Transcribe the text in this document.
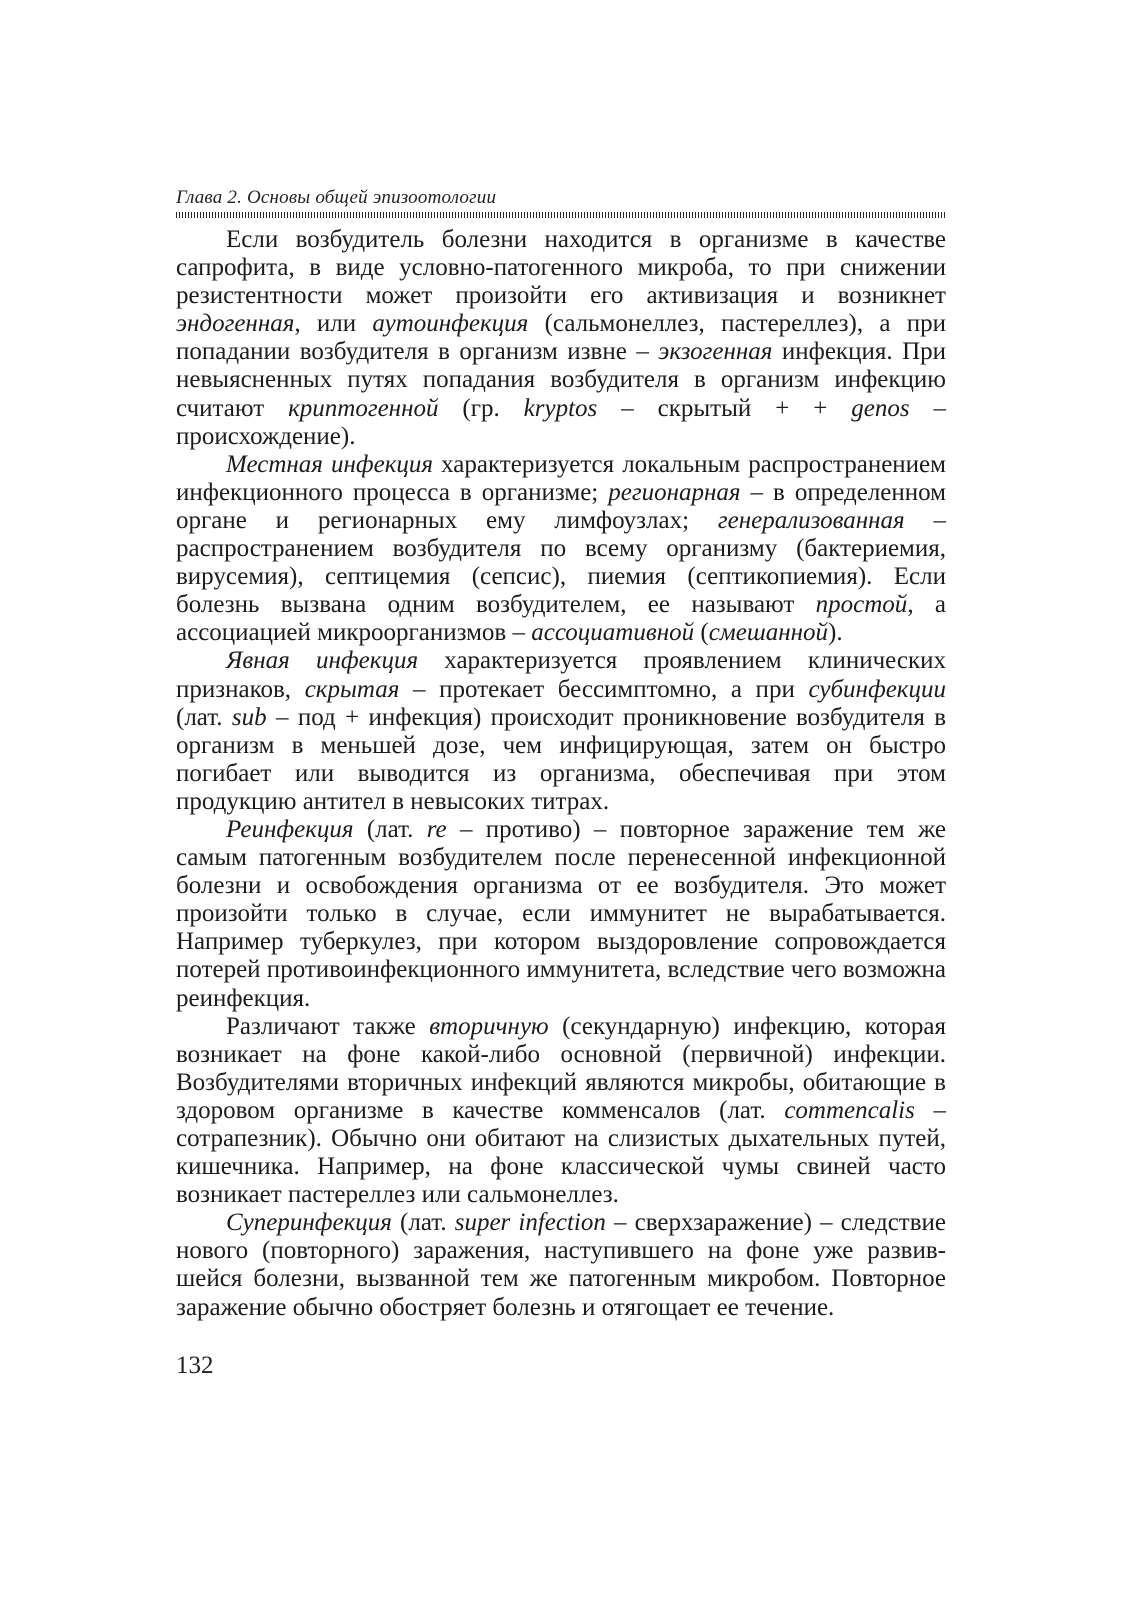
Глава 2. Основы общей эпизоотологии

Если возбудитель болезни находится в организме в качестве сапрофита, в виде условно-патогенного микроба, то при снижении резистентности может произойти его активизация и возникнет эндогенная, или аутоинфекция (сальмонеллез, пастереллез), а при попадании возбудителя в организм извне – экзогенная инфекция. При невыясненных путях попадания возбудителя в организм инфекцию считают криптогенной (гр. kryptos – скрытый + + genos – происхождение).

Местная инфекция характеризуется локальным распространением инфекционного процесса в организме; регионарная – в определенном органе и регионарных ему лимфоузлах; генерализованная – распространением возбудителя по всему организму (бактериемия, вирусемия), септицемия (сепсис), пиемия (септикопиемия). Если болезнь вызвана одним возбудителем, ее называют простой, а ассоциацией микроорганизмов – ассоциативной (смешанной).

Явная инфекция характеризуется проявлением клинических признаков, скрытая – протекает бессимптомно, а при субинфекции (лат. sub – под + инфекция) происходит проникновение возбудителя в организм в меньшей дозе, чем инфицирующая, затем он быстро погибает или выводится из организма, обеспечивая при этом продукцию антител в невысоких титрах.

Реинфекция (лат. re – противо) – повторное заражение тем же самым патогенным возбудителем после перенесенной инфекционной болезни и освобождения организма от ее возбудителя. Это может произойти только в случае, если иммунитет не вырабатывается. Например туберкулез, при котором выздоровление сопровождается потерей противоинфекционного иммунитета, вследствие чего возможна реинфекция.

Различают также вторичную (секундарную) инфекцию, которая возникает на фоне какой-либо основной (первичной) инфекции. Возбудителями вторичных инфекций являются микробы, обитающие в здоровом организме в качестве комменсалов (лат. commencalis – сотрапезник). Обычно они обитают на слизистых дыхательных путей, кишечника. Например, на фоне классической чумы свиней часто возникает пастереллез или сальмонеллез.

Суперинфекция (лат. super infection – сверхзаражение) – следствие нового (повторного) заражения, наступившего на фоне уже развившейся болезни, вызванной тем же патогенным микробом. Повторное заражение обычно обостряет болезнь и отягощает ее течение.

132
